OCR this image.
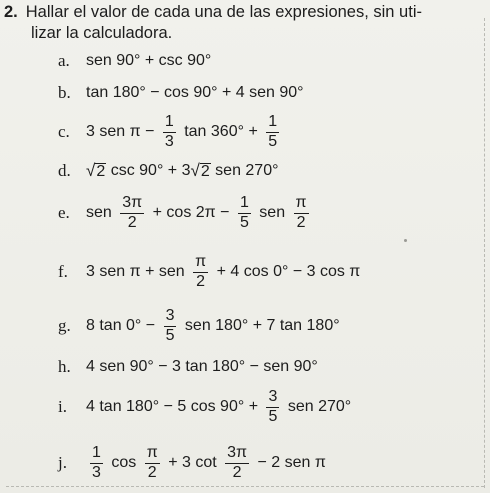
2. Hallar el valor de cada una de las expresiones, sin uti-
lizar la calculadora.
a.	sen 90° + csc 90°
b. tan 180° − cos 90° + 4 sen 90°
c.	3 sen $\pi - \frac{1}{3}$ $\tan 360^\circ + \frac{1}{5}$
d. √ 2 csc 90° + 3 √ 2 sen 270°
e.	sen $\frac{3\pi}{2} + \cos 2\pi - \frac{1}{5}$ sen $\frac{\pi}{2}$
f.	3 sen π + sen $\frac{\pi}{2} + 4$ cos 0° − 3 cos π
g. 8 $\tan 0^\circ - \frac{3}{5}$ sen 180° + 7 tan 180°
h. 4 sen 90° − 3 tan 180° − sen 90°
i.	4 tan 180° − 5 $\cos 90^\circ + \frac{3}{5}$ sen 270°
j.	$\frac{1}{3}$ $\cos \frac{\pi}{2} + 3$ $\cot \frac{3\pi}{2} - 2$ sen π
